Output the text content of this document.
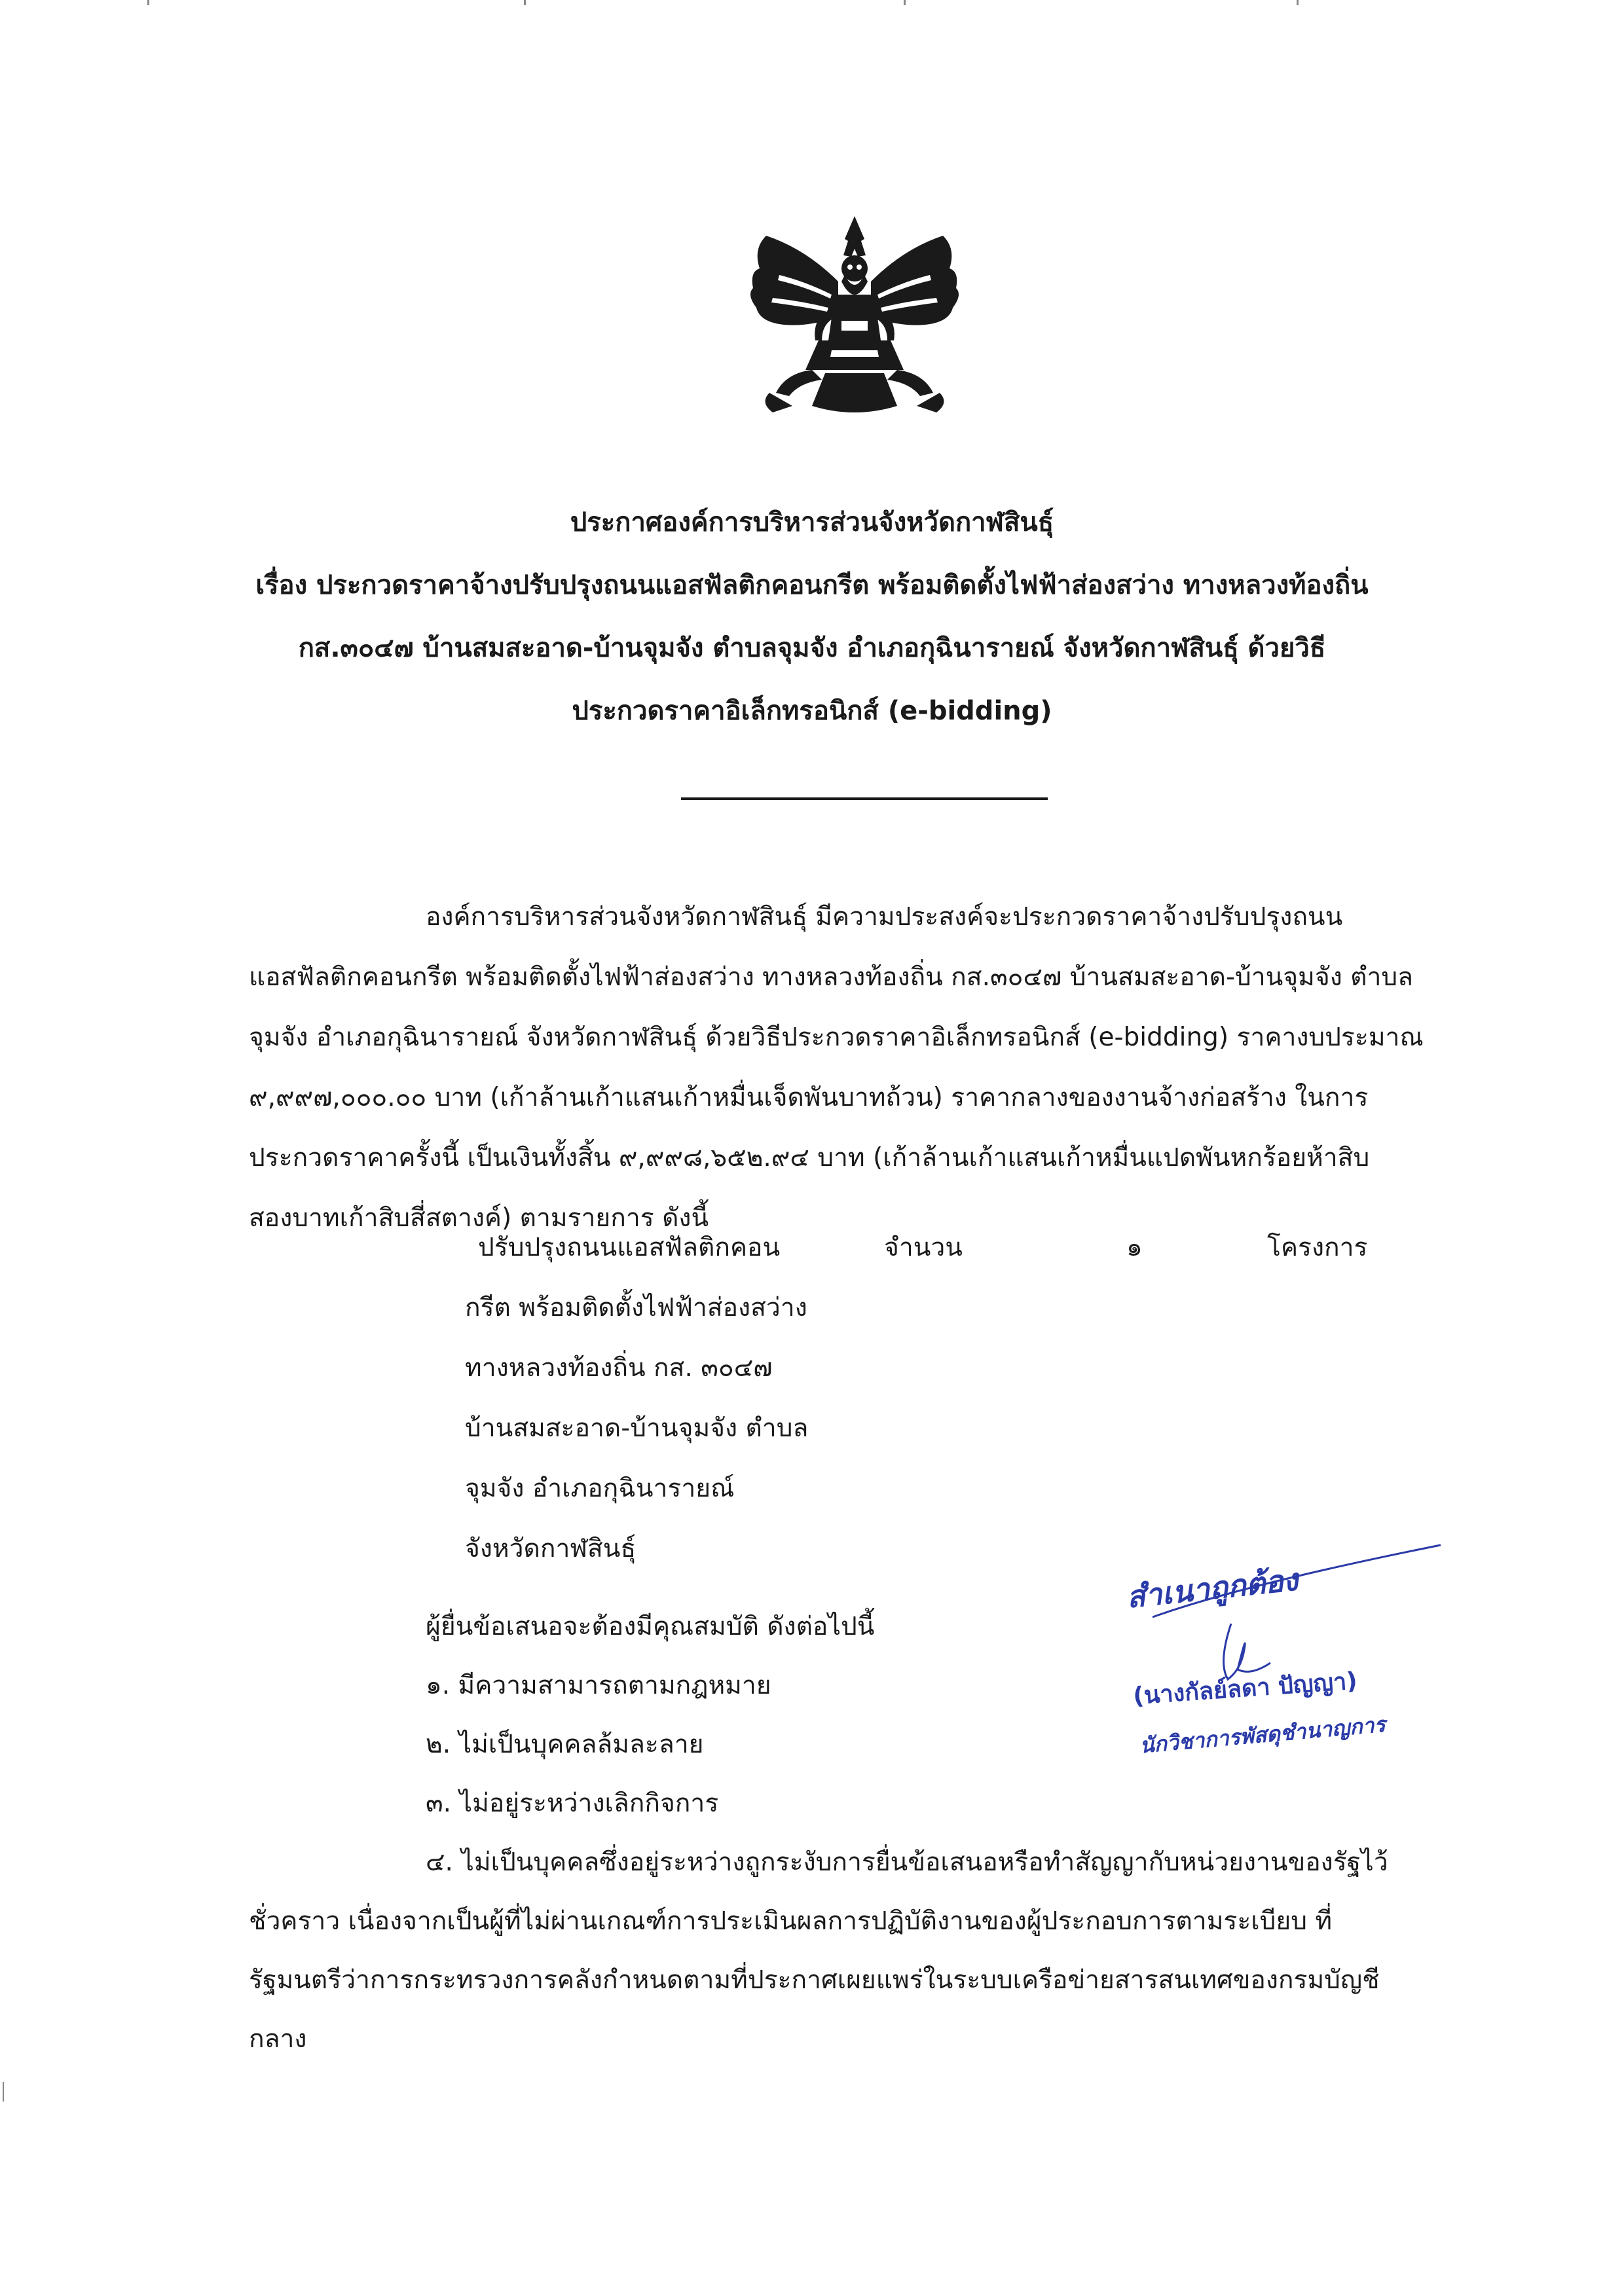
ประกาศองค์การบริหารส่วนจังหวัดกาฬสินธุ์
เรื่อง ประกวดราคาจ้างปรับปรุงถนนแอสฟัลติกคอนกรีต พร้อมติดตั้งไฟฟ้าส่องสว่าง ทางหลวงท้องถิ่น
กส.๓๐๔๗ บ้านสมสะอาด-บ้านจุมจัง ตำบลจุมจัง อำเภอกุฉินารายณ์ จังหวัดกาฬสินธุ์ ด้วยวิธี
ประกวดราคาอิเล็กทรอนิกส์ (e-bidding)
องค์การบริหารส่วนจังหวัดกาฬสินธุ์ มีความประสงค์จะประกวดราคาจ้างปรับปรุงถนน
แอสฟัลติกคอนกรีต พร้อมติดตั้งไฟฟ้าส่องสว่าง ทางหลวงท้องถิ่น กส.๓๐๔๗ บ้านสมสะอาด-บ้านจุมจัง ตำบล
จุมจัง อำเภอกุฉินารายณ์ จังหวัดกาฬสินธุ์ ด้วยวิธีประกวดราคาอิเล็กทรอนิกส์ (e-bidding) ราคางบประมาณ
๙,๙๙๗,๐๐๐.๐๐ บาท (เก้าล้านเก้าแสนเก้าหมื่นเจ็ดพันบาทถ้วน) ราคากลางของงานจ้างก่อสร้าง ในการ
ประกวดราคาครั้งนี้ เป็นเงินทั้งสิ้น ๙,๙๙๘,๖๕๒.๙๔ บาท (เก้าล้านเก้าแสนเก้าหมื่นแปดพันหกร้อยห้าสิบ
สองบาทเก้าสิบสี่สตางค์) ตามรายการ ดังนี้
ปรับปรุงถนนแอสฟัลติกคอน
กรีต พร้อมติดตั้งไฟฟ้าส่องสว่าง
ทางหลวงท้องถิ่น กส. ๓๐๔๗
บ้านสมสะอาด-บ้านจุมจัง ตำบล
จุมจัง อำเภอกุฉินารายณ์
จังหวัดกาฬสินธุ์
จำนวน	๑	โครงการ
ผู้ยื่นข้อเสนอจะต้องมีคุณสมบัติ ดังต่อไปนี้
๑. มีความสามารถตามกฎหมาย
๒. ไม่เป็นบุคคลล้มละลาย
๓. ไม่อยู่ระหว่างเลิกกิจการ
๔. ไม่เป็นบุคคลซึ่งอยู่ระหว่างถูกระงับการยื่นข้อเสนอหรือทำสัญญากับหน่วยงานของรัฐไว้
ชั่วคราว เนื่องจากเป็นผู้ที่ไม่ผ่านเกณฑ์การประเมินผลการปฏิบัติงานของผู้ประกอบการตามระเบียบ ที่
รัฐมนตรีว่าการกระทรวงการคลังกำหนดตามที่ประกาศเผยแพร่ในระบบเครือข่ายสารสนเทศของกรมบัญชี
กลาง
สำเนาถูกต้อง
(นางกัลย์ลดา ปัญญา)
นักวิชาการพัสดุชำนาญการ
